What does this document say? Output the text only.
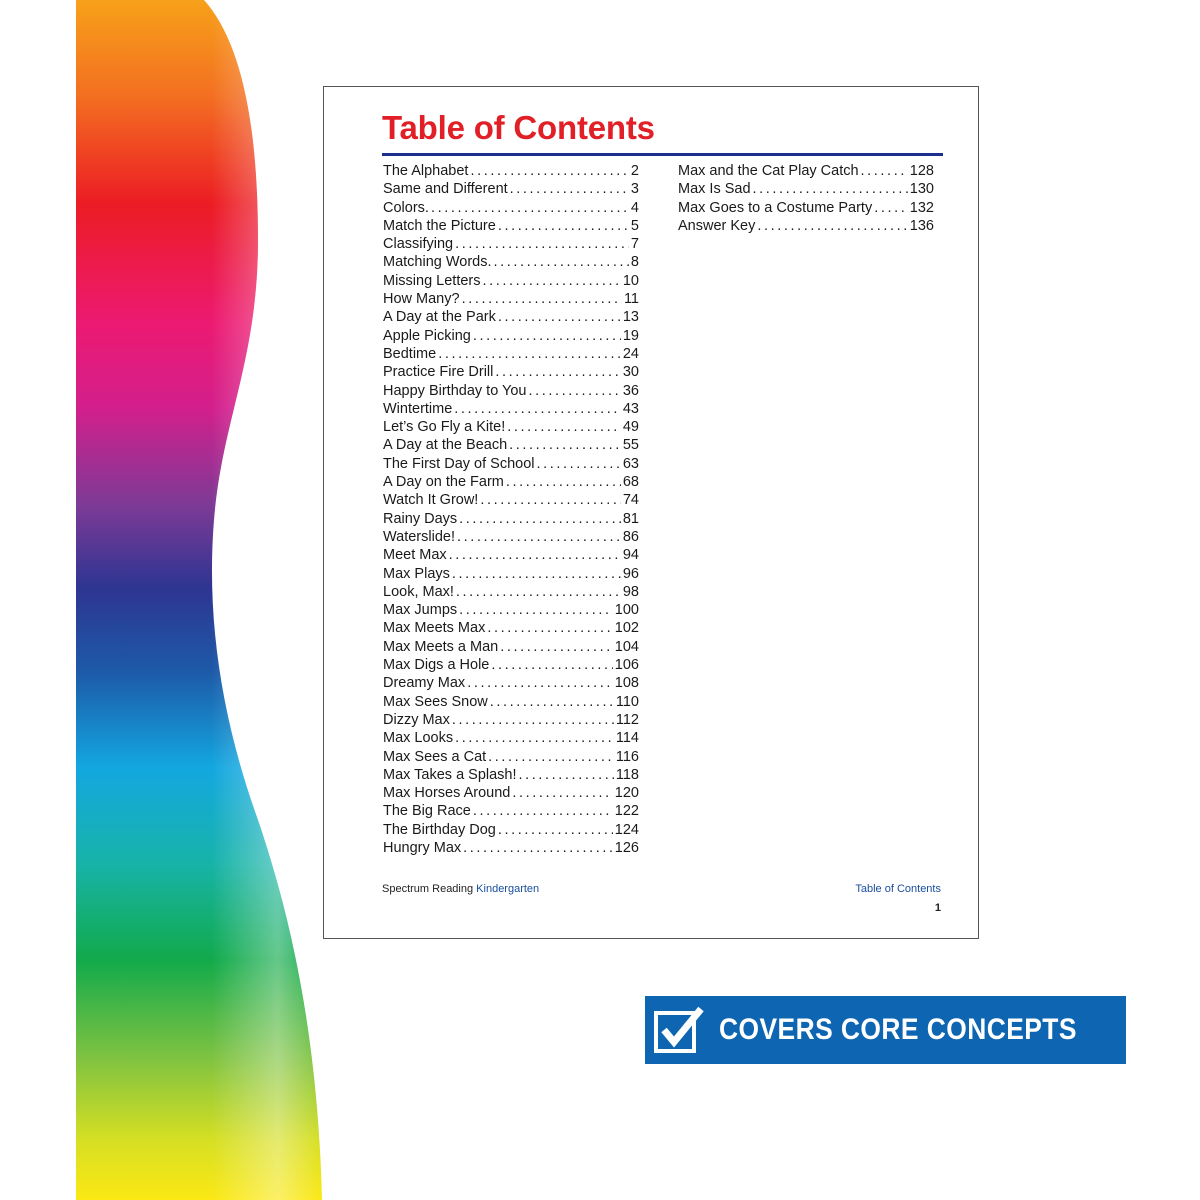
Table of Contents
The Alphabet .....	2
Same and Different .....	3
Colors. .....	4
Match the Picture .....	5
Classifying .....	7
Matching Words. .....	8
Missing Letters .....	10
How Many? .....	11
A Day at the Park .....	13
Apple Picking .....	19
Bedtime .....	24
Practice Fire Drill .....	30
Happy Birthday to You .....	36
Wintertime .....	43
Let’s Go Fly a Kite! .....	49
A Day at the Beach .....	55
The First Day of School .....	63
A Day on the Farm .....	68
Watch It Grow! .....	74
Rainy Days .....	81
Waterslide! .....	86
Meet Max .....	94
Max Plays .....	96
Look, Max! .....	98
Max Jumps .....	100
Max Meets Max .....	102
Max Meets a Man .....	104
Max Digs a Hole .....	106
Dreamy Max .....	108
Max Sees Snow .....	110
Dizzy Max .....	112
Max Looks .....	114
Max Sees a Cat .....	116
Max Takes a Splash! .....	118
Max Horses Around .....	120
The Big Race .....	122
The Birthday Dog .....	124
Hungry Max .....	126
Max and the Cat Play Catch .....	128
Max Is Sad .....	130
Max Goes to a Costume Party .....	132
Answer Key .....	136
Spectrum Reading Kindergarten	Table of Contents
1
COVERS CORE CONCEPTS
